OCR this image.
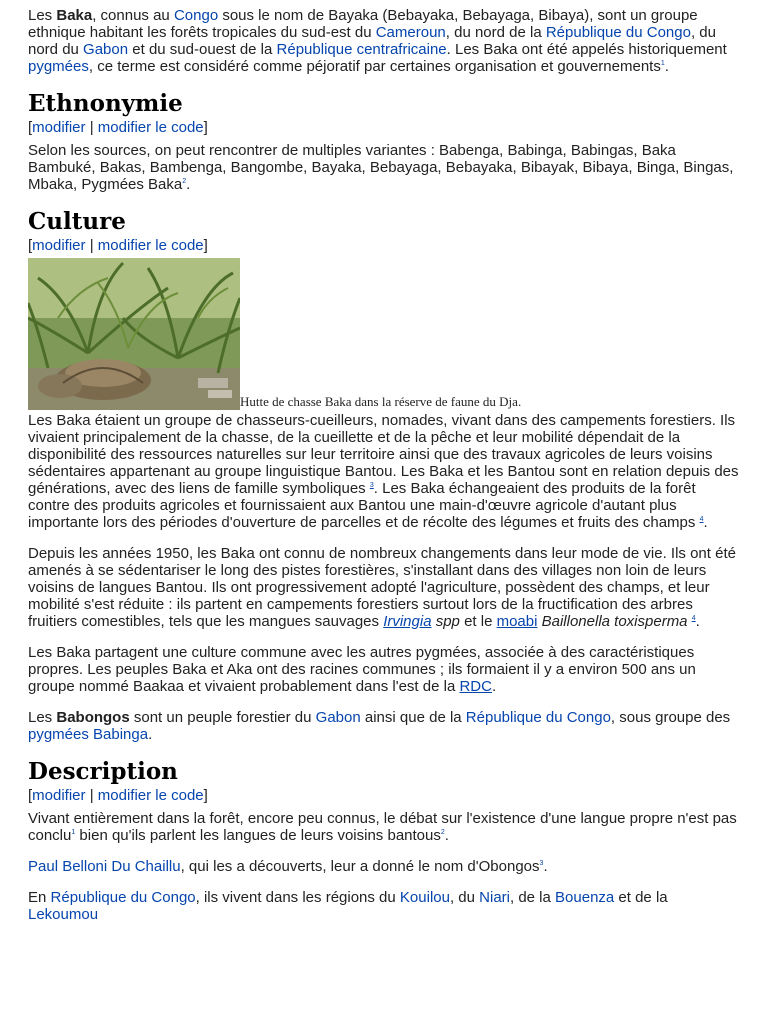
Les Baka, connus au Congo sous le nom de Bayaka (Bebayaka, Bebayaga, Bibaya), sont un groupe ethnique habitant les forêts tropicales du sud-est du Cameroun, du nord de la République du Congo, du nord du Gabon et du sud-ouest de la République centrafricaine. Les Baka ont été appelés historiquement pygmées, ce terme est considéré comme péjoratif par certaines organisation et gouvernements$^1$.

Ethnonymie
[modifier | modifier le code]

Selon les sources, on peut rencontrer de multiples variantes : Babenga, Babinga, Babingas, Baka Bambuké, Bakas, Bambenga, Bangombe, Bayaka, Bebayaga, Bebayaka, Bibayak, Bibaya, Binga, Bingas, Mbaka, Pygmées Baka$^2$.

Culture
[modifier | modifier le code]
Hutte de chasse Baka dans la réserve de faune du Dja.

Les Baka étaient un groupe de chasseurs-cueilleurs, nomades, vivant dans des campements forestiers. Ils vivaient principalement de la chasse, de la cueillette et de la pêche et leur mobilité dépendait de la disponibilité des ressources naturelles sur leur territoire ainsi que des travaux agricoles de leurs voisins sédentaires appartenant au groupe linguistique Bantou. Les Baka et les Bantou sont en relation depuis des générations, avec des liens de famille symboliques $^3$. Les Baka échangeaient des produits de la forêt contre des produits agricoles et fournissaient aux Bantou une main-d'œuvre agricole d'autant plus importante lors des périodes d'ouverture de parcelles et de récolte des légumes et fruits des champs $^4$.

Depuis les années 1950, les Baka ont connu de nombreux changements dans leur mode de vie. Ils ont été amenés à se sédentariser le long des pistes forestières, s'installant dans des villages non loin de leurs voisins de langues Bantou. Ils ont progressivement adopté l'agriculture, possèdent des champs, et leur mobilité s'est réduite : ils partent en campements forestiers surtout lors de la fructification des arbres fruitiers comestibles, tels que les mangues sauvages Irvingia spp et le moabi Baillonella toxisperma $^4$.

Les Baka partagent une culture commune avec les autres pygmées, associée à des caractéristiques propres. Les peuples Baka et Aka ont des racines communes ; ils formaient il y a environ 500 ans un groupe nommé Baakaa et vivaient probablement dans l'est de la RDC.

Les Babongos sont un peuple forestier du Gabon ainsi que de la République du Congo, sous groupe des pygmées Babinga.

Description
[modifier | modifier le code]

Vivant entièrement dans la forêt, encore peu connus, le débat sur l'existence d'une langue propre n'est pas conclu$^1$ bien qu'ils parlent les langues de leurs voisins bantous$^2$.

Paul Belloni Du Chaillu, qui les a découverts, leur a donné le nom d'Obongos$^3$.

En République du Congo, ils vivent dans les régions du Kouilou, du Niari, de la Bouenza et de la Lekoumou
